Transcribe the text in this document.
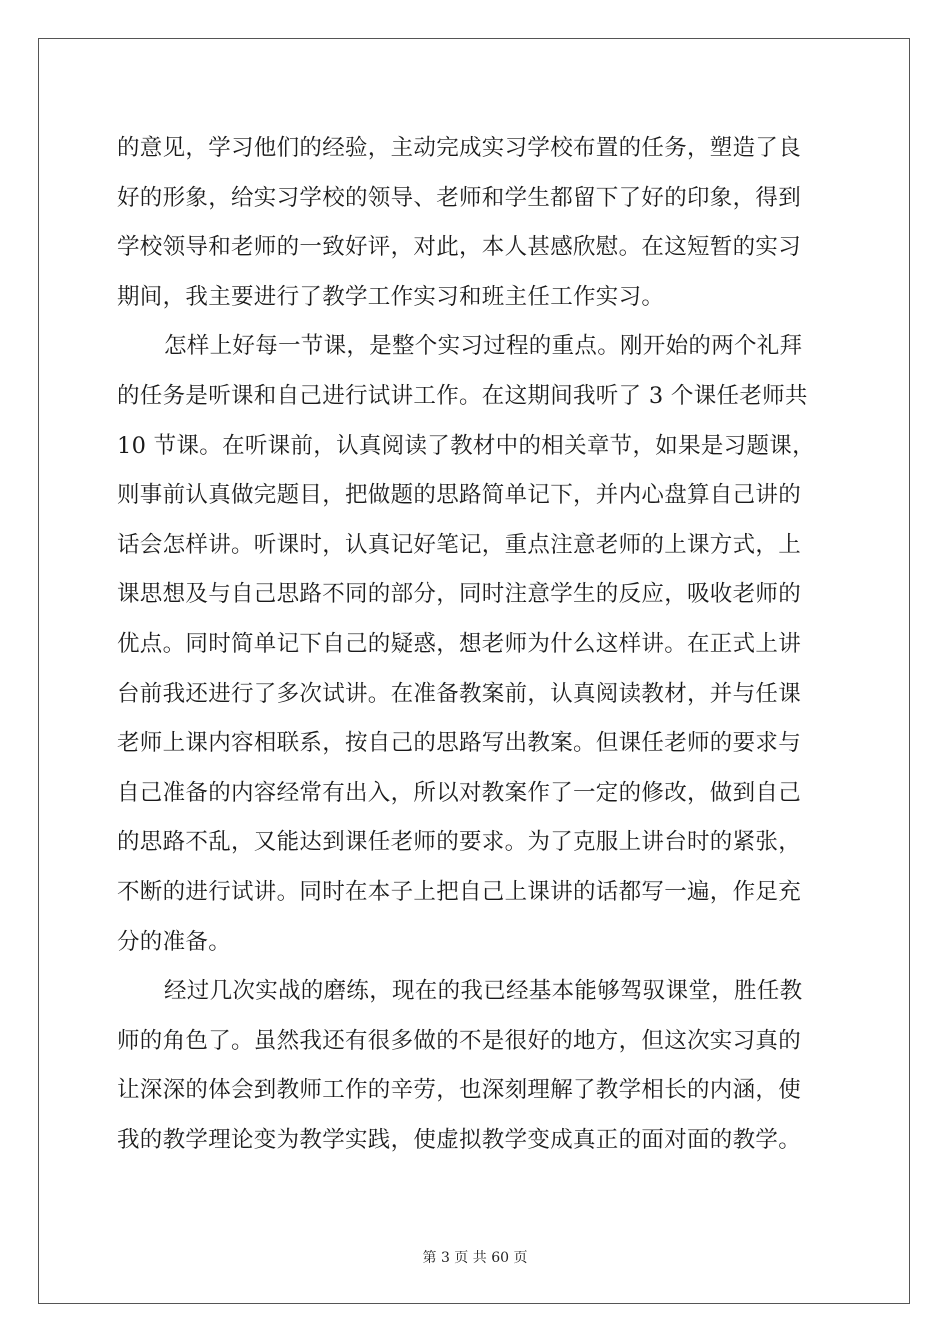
的意见，学习他们的经验，主动完成实习学校布置的任务，塑造了良
好的形象，给实习学校的领导、老师和学生都留下了好的印象，得到
学校领导和老师的一致好评，对此，本人甚感欣慰。在这短暂的实习
期间，我主要进行了教学工作实习和班主任工作实习。
怎样上好每一节课，是整个实习过程的重点。刚开始的两个礼拜
的任务是听课和自己进行试讲工作。在这期间我听了 3 个课任老师共
10 节课。在听课前，认真阅读了教材中的相关章节，如果是习题课，
则事前认真做完题目，把做题的思路简单记下，并内心盘算自己讲的
话会怎样讲。听课时，认真记好笔记，重点注意老师的上课方式，上
课思想及与自己思路不同的部分，同时注意学生的反应，吸收老师的
优点。同时简单记下自己的疑惑，想老师为什么这样讲。在正式上讲
台前我还进行了多次试讲。在准备教案前，认真阅读教材，并与任课
老师上课内容相联系，按自己的思路写出教案。但课任老师的要求与
自己准备的内容经常有出入，所以对教案作了一定的修改，做到自己
的思路不乱，又能达到课任老师的要求。为了克服上讲台时的紧张，
不断的进行试讲。同时在本子上把自己上课讲的话都写一遍，作足充
分的准备。
经过几次实战的磨练，现在的我已经基本能够驾驭课堂，胜任教
师的角色了。虽然我还有很多做的不是很好的地方，但这次实习真的
让深深的体会到教师工作的辛劳，也深刻理解了教学相长的内涵，使
我的教学理论变为教学实践，使虚拟教学变成真正的面对面的教学。
第 3 页 共 60 页
